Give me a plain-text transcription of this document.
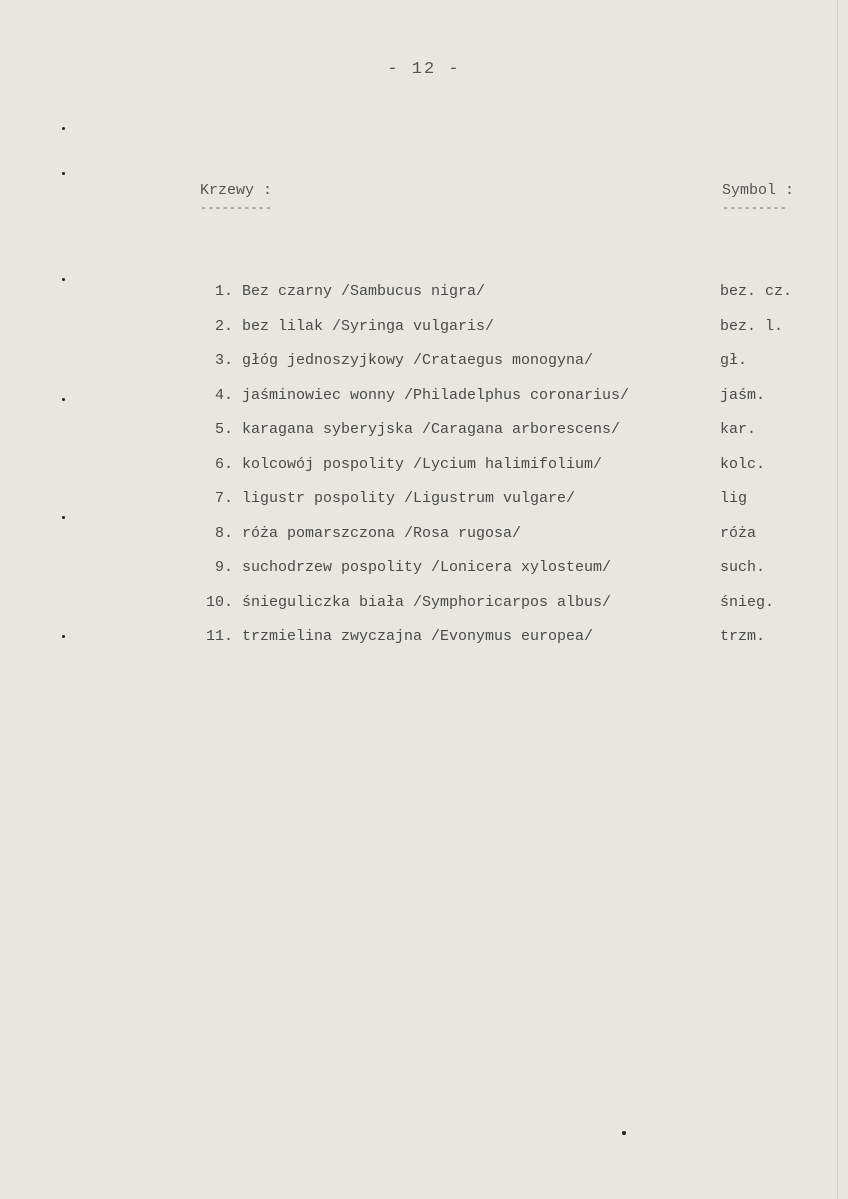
- 12 -
Krzewy :
----------
Symbol :
---------
1. Bez czarny /Sambucus nigra/	bez. cz.
2. bez lilak /Syringa vulgaris/	bez. l.
3. głóg jednoszyjkowy /Crataegus monogyna/	gł.
4. jaśminowiec wonny /Philadelphus coronarius/	jaśm.
5. karagana syberyjska /Caragana arborescens/	kar.
6. kolcowój pospolity /Lycium halimifolium/	kolc.
7. ligustr pospolity /Ligustrum vulgare/	lig
8. róża pomarszczona /Rosa rugosa/	róża
9. suchodrzew pospolity /Lonicera xylosteum/	such.
10. śnieguliczka biała /Symphoricarpos albus/	śnieg.
11. trzmielina zwyczajna /Evonymus europea/	trzm.
